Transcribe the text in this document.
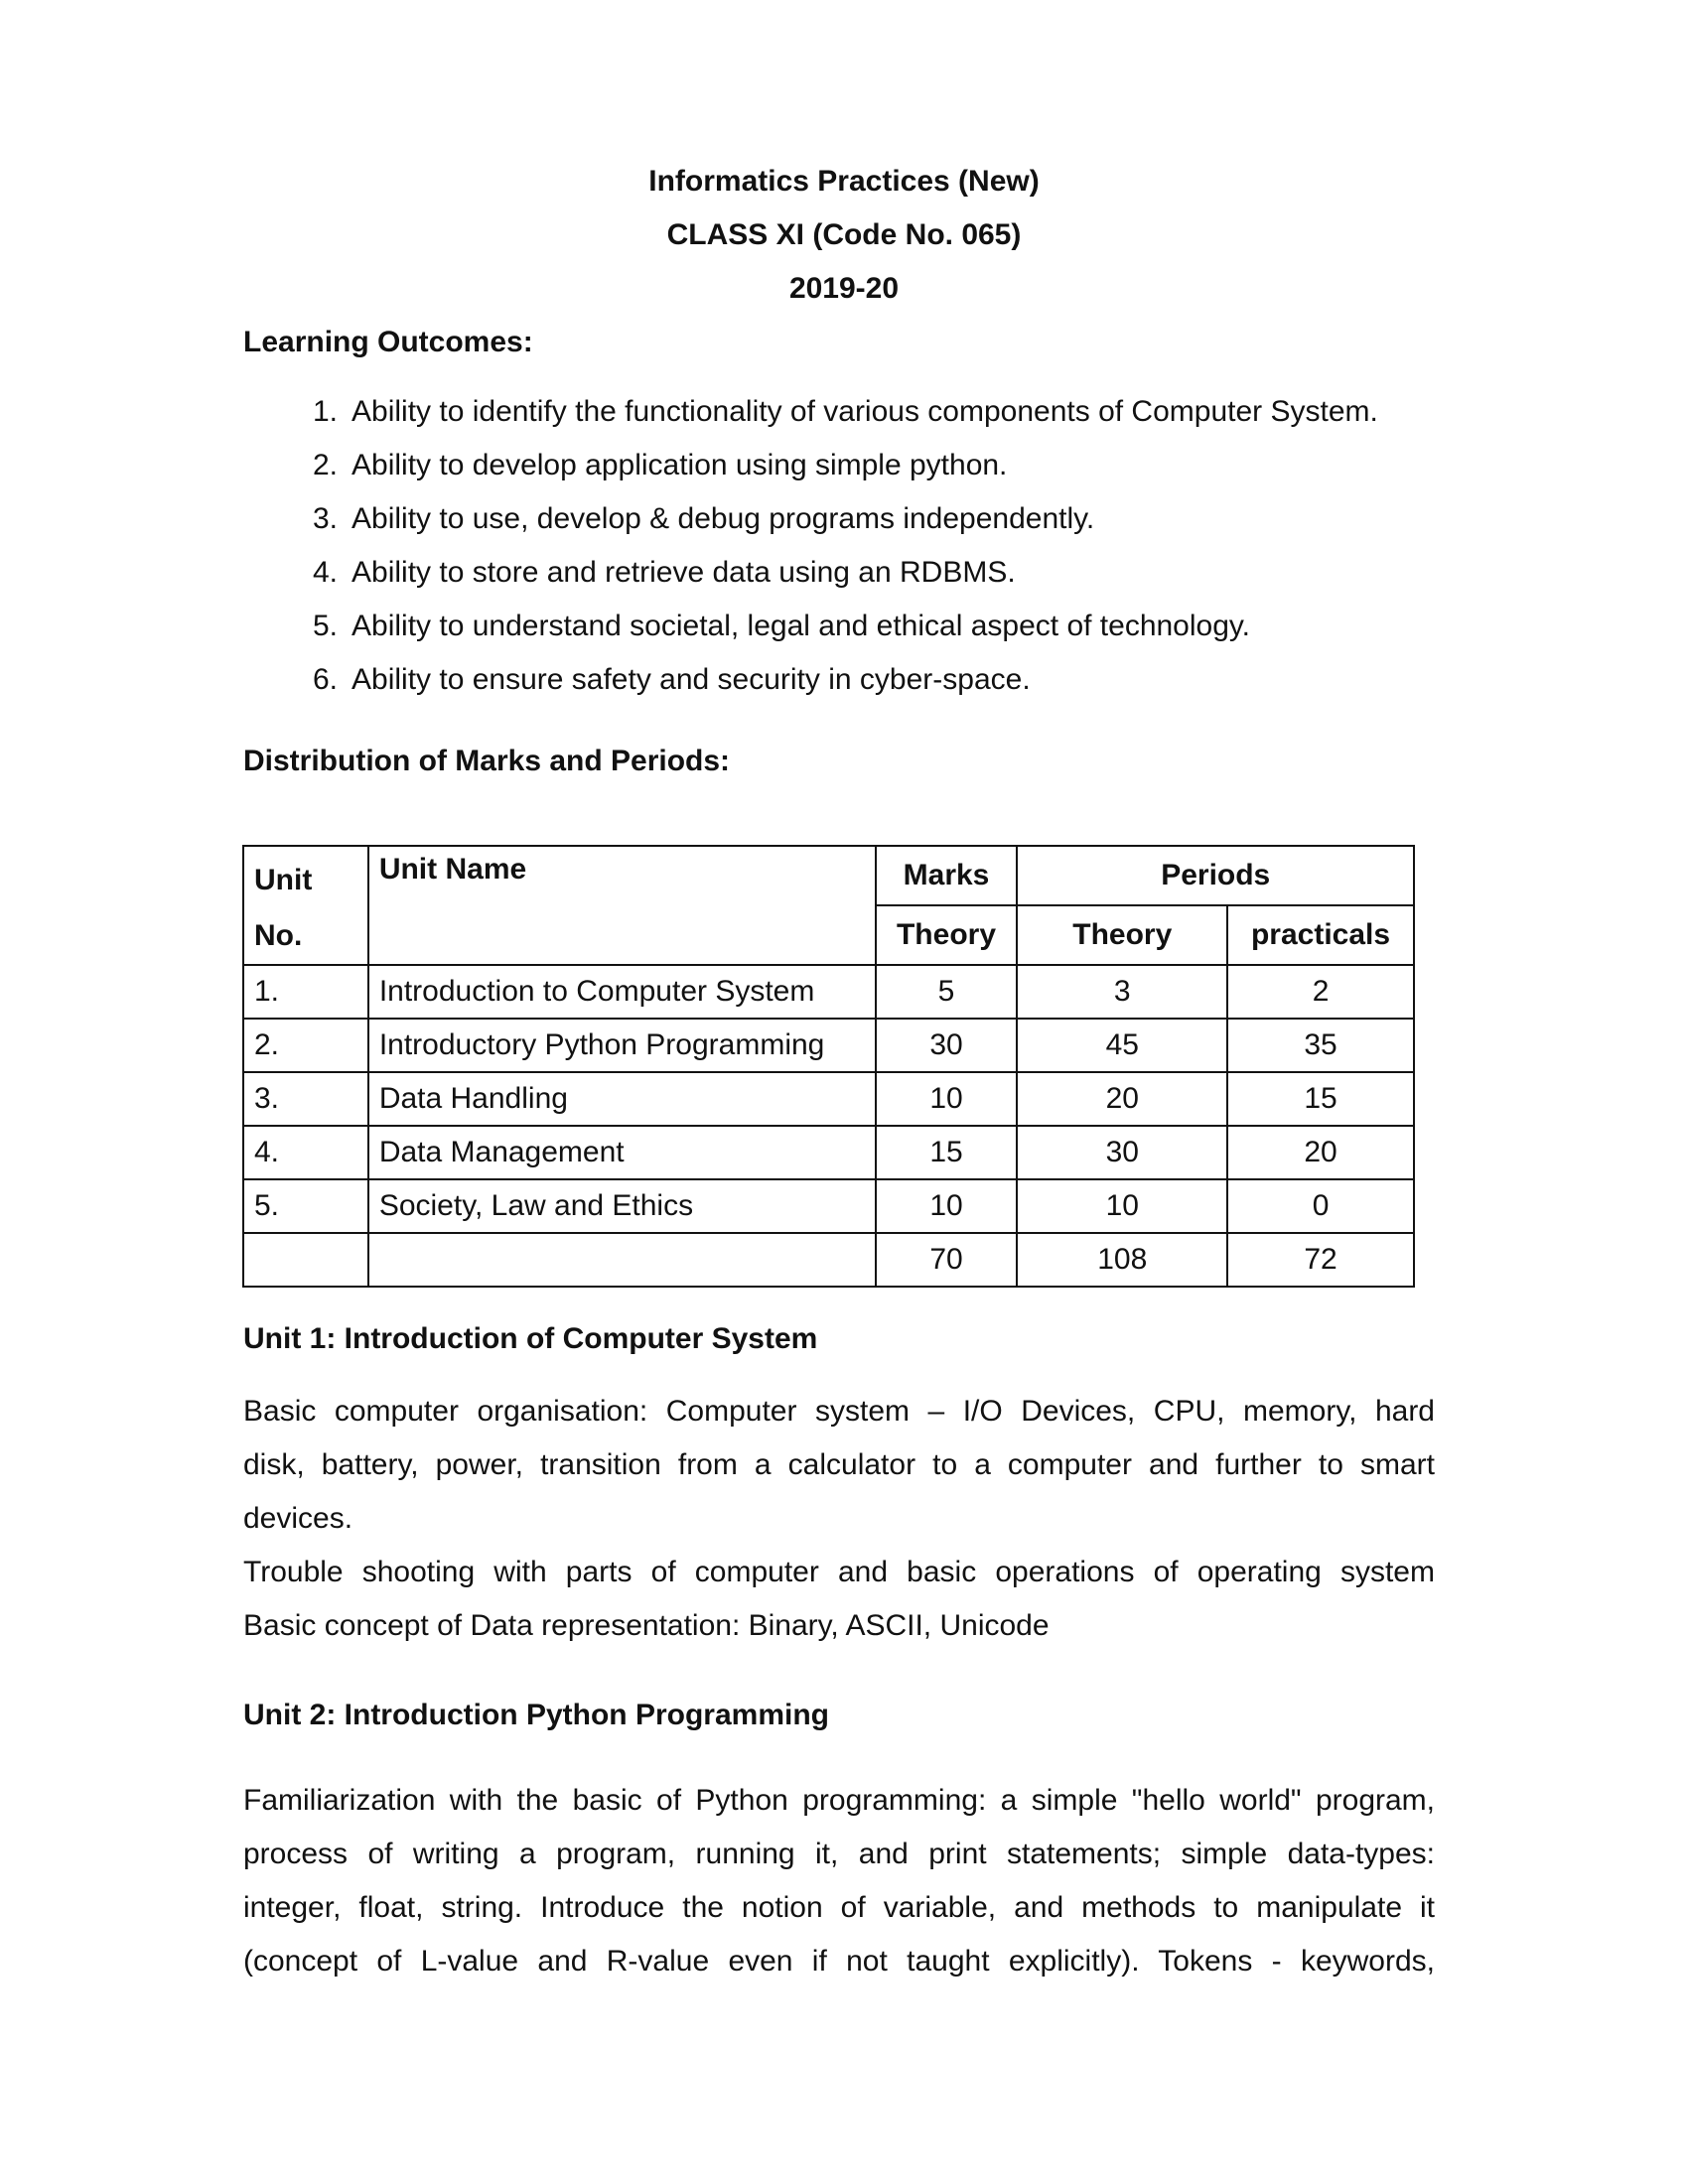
Informatics Practices (New)
CLASS XI (Code No. 065)
2019-20
Learning Outcomes:
1. Ability to identify the functionality of various components of Computer System.
2. Ability to develop application using simple python.
3. Ability to use, develop & debug programs independently.
4. Ability to store and retrieve data using an RDBMS.
5. Ability to understand societal, legal and ethical aspect of technology.
6. Ability to ensure safety and security in cyber-space.
Distribution of Marks and Periods:
Unit
No.	Unit Name	Marks	Periods	
		Theory	Theory	practicals
1.	Introduction to Computer System	5	3	2
2.	Introductory Python Programming	30	45	35
3.	Data Handling	10	20	15
4.	Data Management	15	30	20
5.	Society, Law and Ethics	10	10	0
		70	108	72
Unit 1: Introduction of Computer System
Basic computer organisation: Computer system – I/O Devices, CPU, memory, hard
disk, battery, power, transition from a calculator to a computer and further to smart
devices.
Trouble shooting with parts of computer and basic operations of operating system
Basic concept of Data representation: Binary, ASCII, Unicode
Unit 2: Introduction Python Programming
Familiarization with the basic of Python programming: a simple "hello world" program,
process of writing a program, running it, and print statements; simple data-types:
integer, float, string. Introduce the notion of variable, and methods to manipulate it
(concept of L-value and R-value even if not taught explicitly). Tokens - keywords,
